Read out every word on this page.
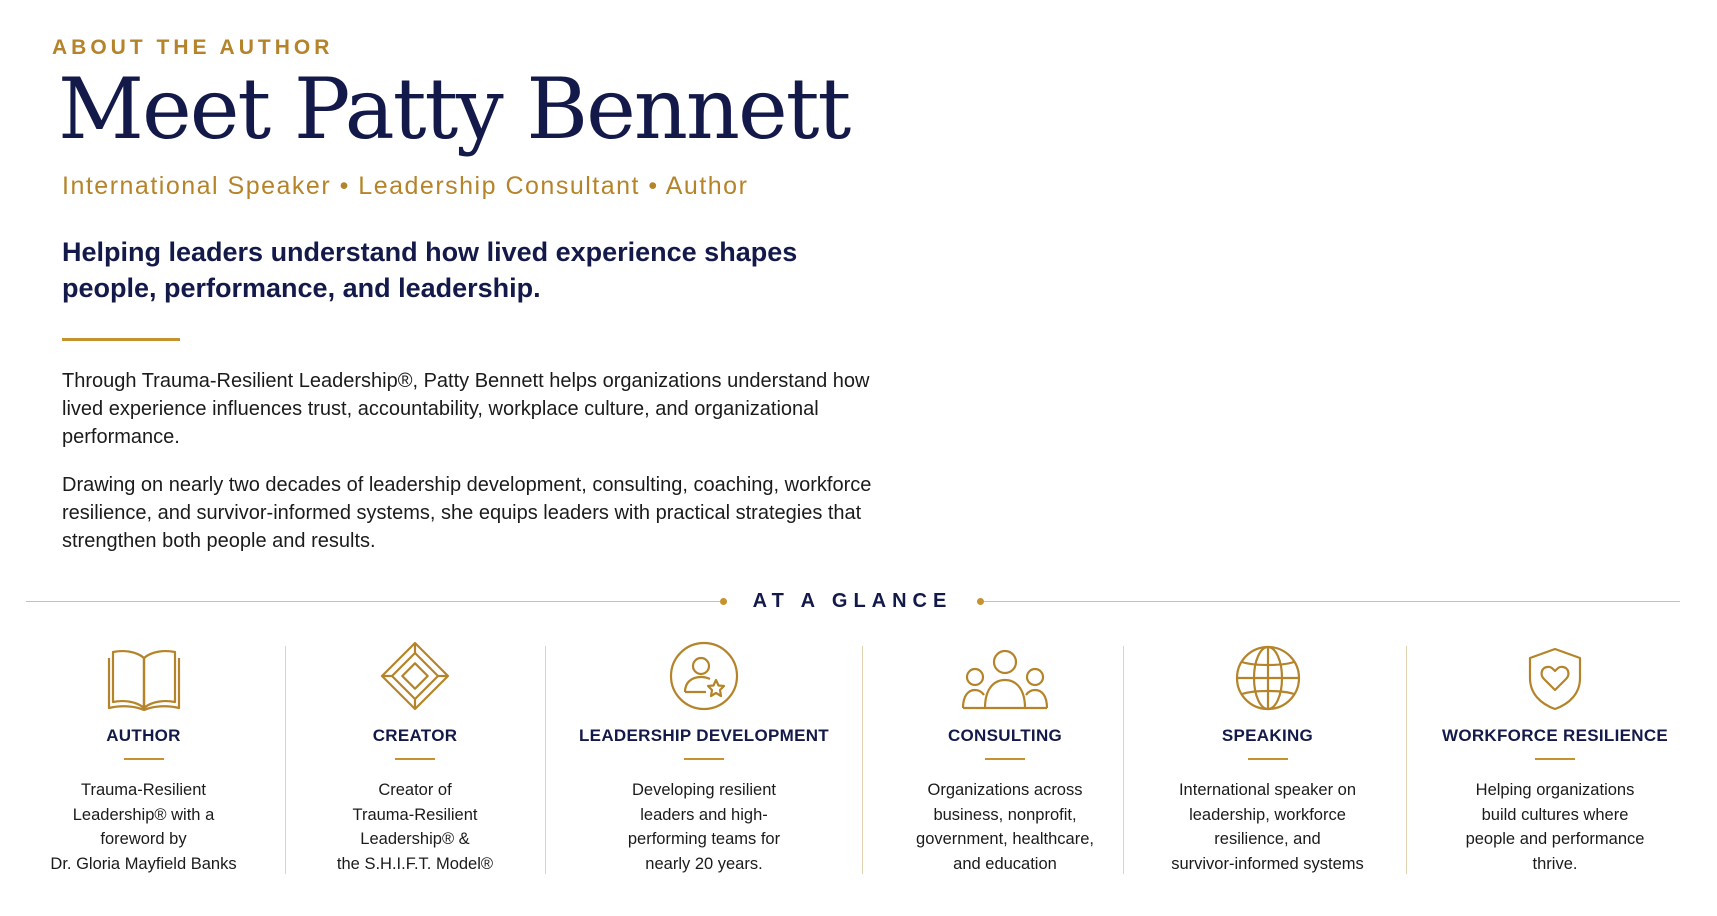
ABOUT THE AUTHOR
Meet Patty Bennett
International Speaker • Leadership Consultant • Author
Helping leaders understand how lived experience shapes people, performance, and leadership.
Through Trauma-Resilient Leadership®, Patty Bennett helps organizations understand how lived experience influences trust, accountability, workplace culture, and organizational performance.
Drawing on nearly two decades of leadership development, consulting, coaching, workforce resilience, and survivor-informed systems, she equips leaders with practical strategies that strengthen both people and results.
AT A GLANCE
AUTHOR
Trauma-Resilient
Leadership® with a
foreword by
Dr. Gloria Mayfield Banks
CREATOR
Creator of
Trauma-Resilient
Leadership® &
the S.H.I.F.T. Model®
LEADERSHIP DEVELOPMENT
Developing resilient
leaders and high-
performing teams for
nearly 20 years.
CONSULTING
Organizations across
business, nonprofit,
government, healthcare,
and education
SPEAKING
International speaker on
leadership, workforce
resilience, and
survivor-informed systems
WORKFORCE RESILIENCE
Helping organizations
build cultures where
people and performance
thrive.
